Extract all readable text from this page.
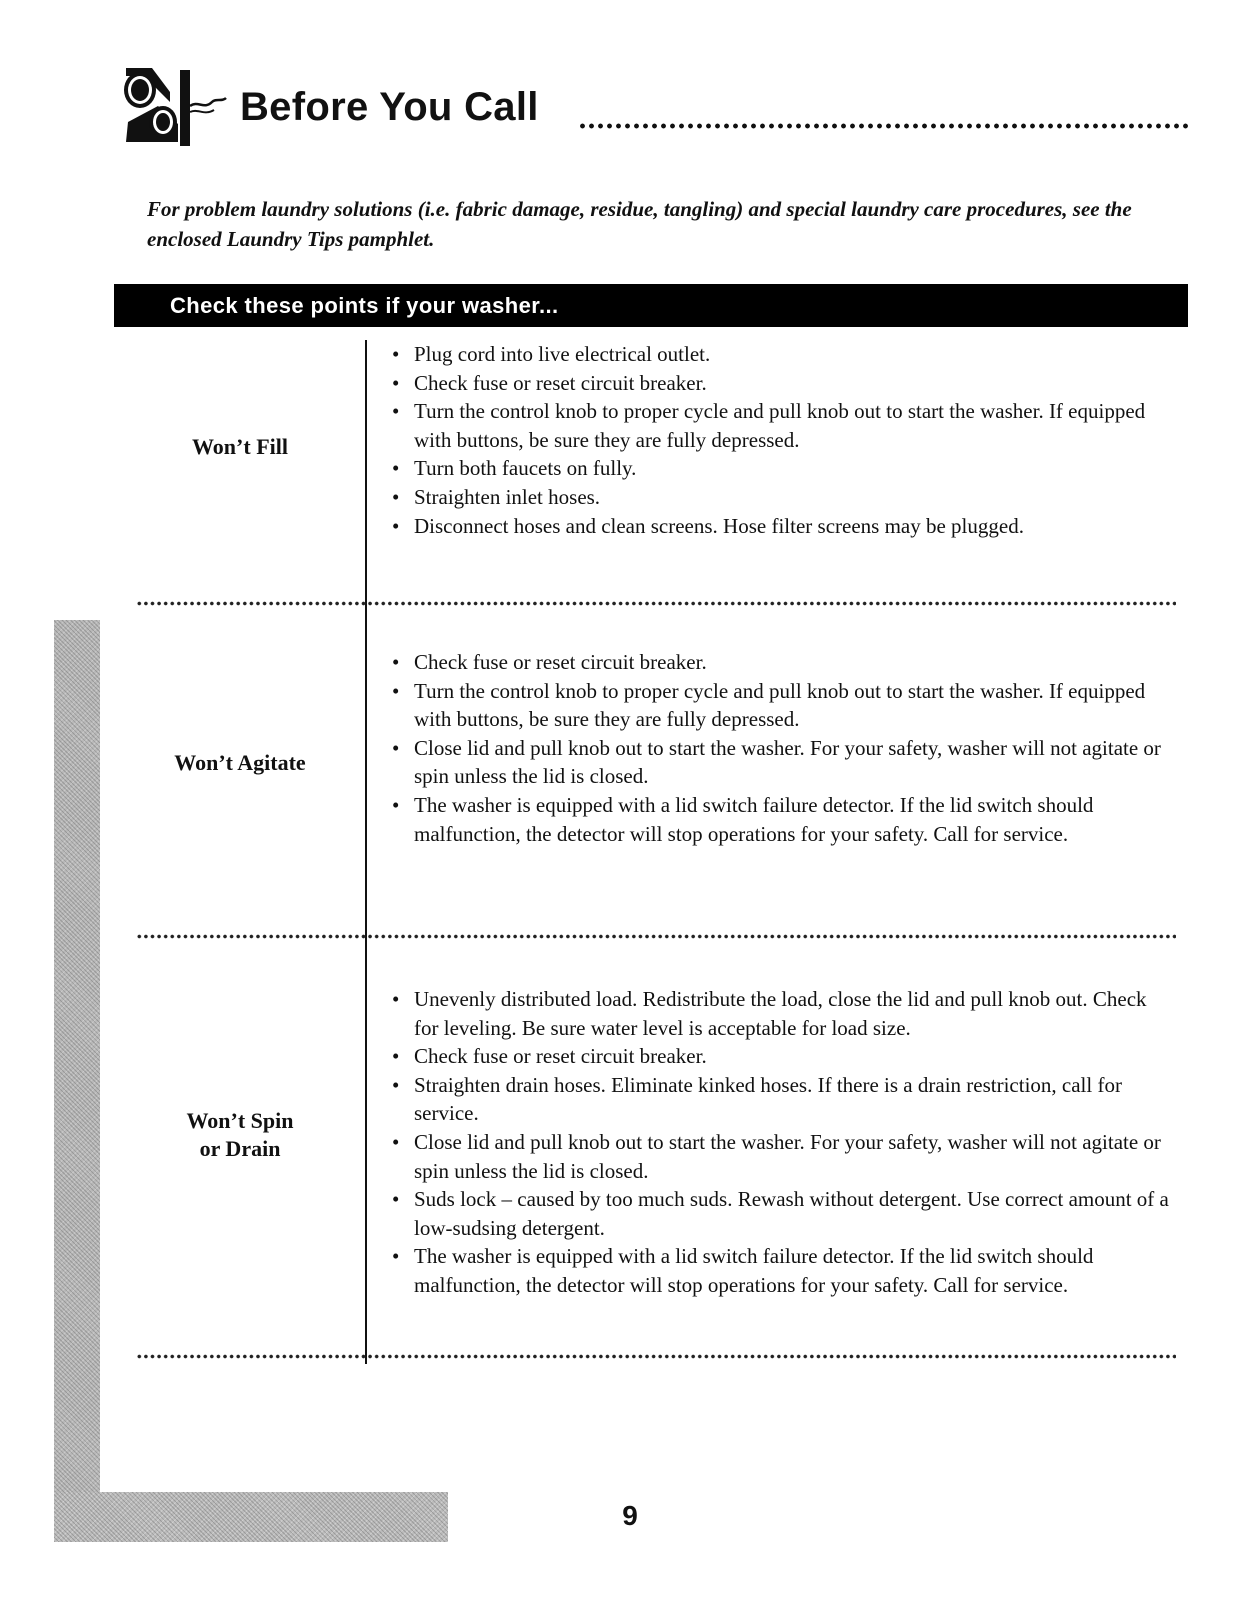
Before You Call

For problem laundry solutions (i.e. fabric damage, residue, tangling) and special laundry care procedures, see the enclosed Laundry Tips pamphlet.

Check these points if your washer...
Won’t Fill
• Plug cord into live electrical outlet.
• Check fuse or reset circuit breaker.
• Turn the control knob to proper cycle and pull knob out to start the washer. If equipped with buttons, be sure they are fully depressed.
• Turn both faucets on fully.
• Straighten inlet hoses.
• Disconnect hoses and clean screens. Hose filter screens may be plugged.
Won’t Agitate
• Check fuse or reset circuit breaker.
• Turn the control knob to proper cycle and pull knob out to start the washer. If equipped with buttons, be sure they are fully depressed.
• Close lid and pull knob out to start the washer. For your safety, washer will not agitate or spin unless the lid is closed.
• The washer is equipped with a lid switch failure detector. If the lid switch should malfunction, the detector will stop operations for your safety. Call for service.
Won’t Spin
or Drain
• Unevenly distributed load. Redistribute the load, close the lid and pull knob out. Check for leveling. Be sure water level is acceptable for load size.
• Check fuse or reset circuit breaker.
• Straighten drain hoses. Eliminate kinked hoses. If there is a drain restriction, call for service.
• Close lid and pull knob out to start the washer. For your safety, washer will not agitate or spin unless the lid is closed.
• Suds lock – caused by too much suds. Rewash without detergent. Use correct amount of a low-sudsing detergent.
• The washer is equipped with a lid switch failure detector. If the lid switch should malfunction, the detector will stop operations for your safety. Call for service.
9
